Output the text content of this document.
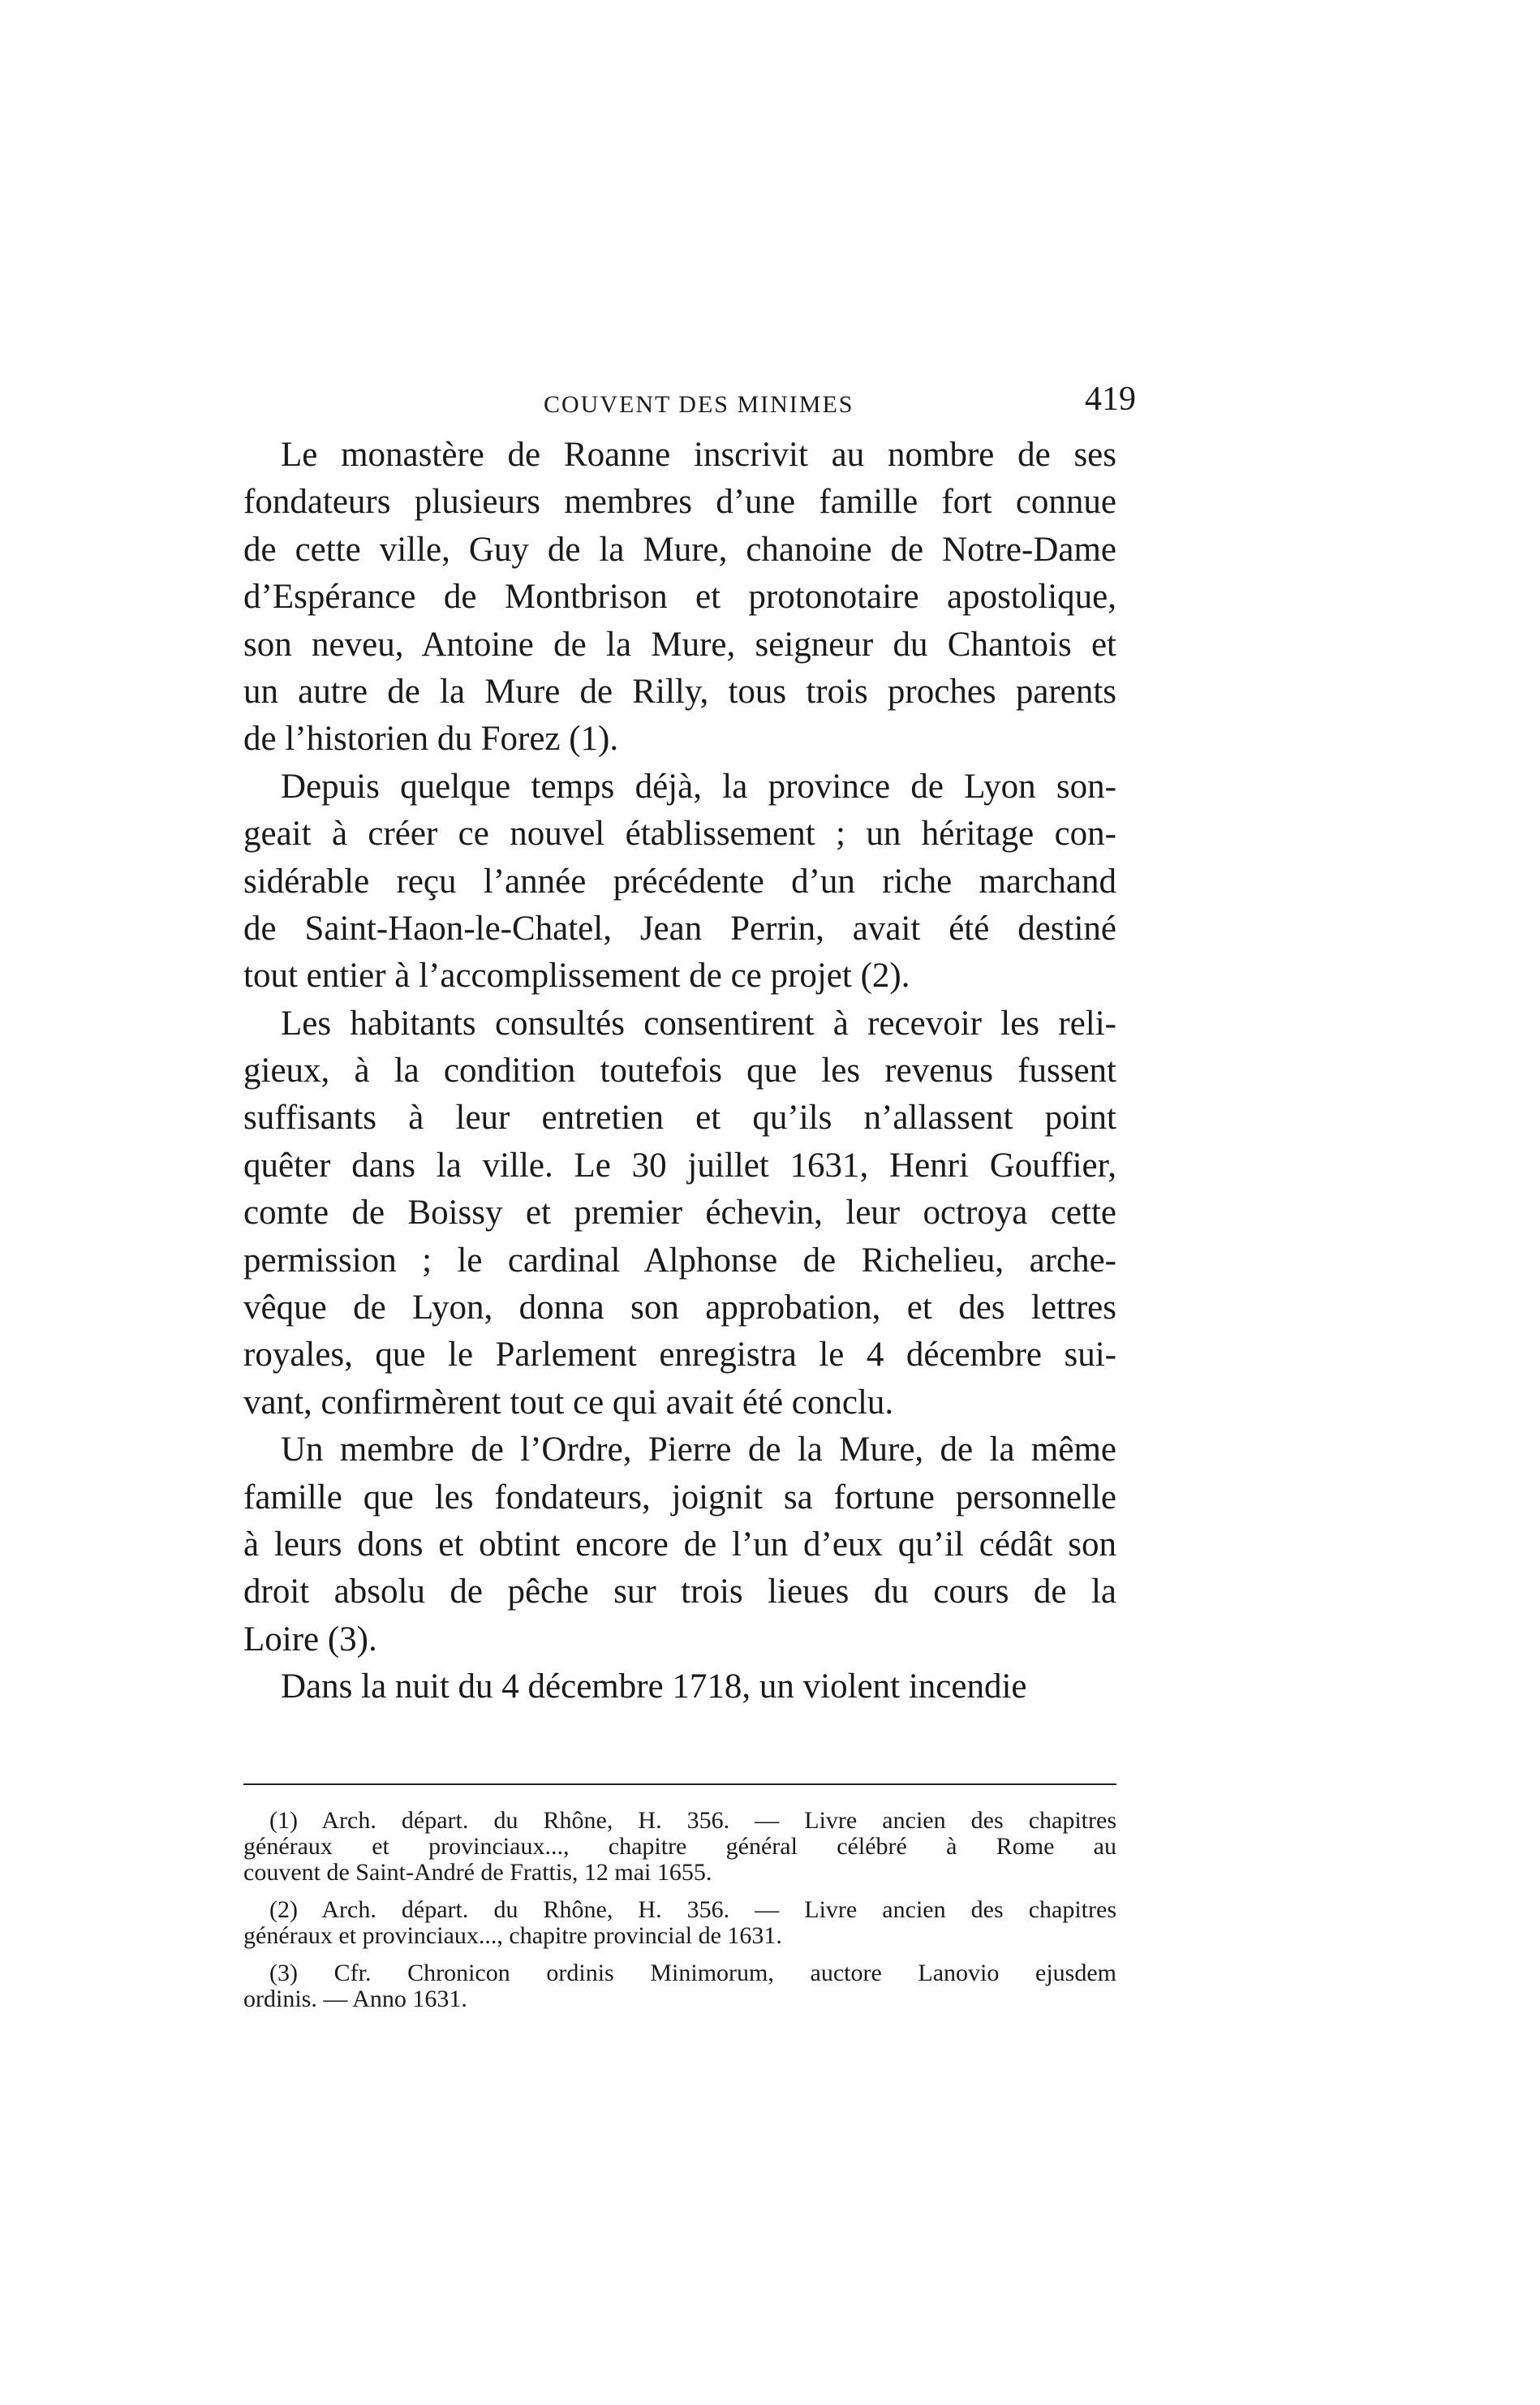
COUVENT DES MINIMES	419
Le monastère de Roanne inscrivit au nombre de ses
fondateurs plusieurs membres d’une famille fort connue
de cette ville, Guy de la Mure, chanoine de Notre-Dame
d’Espérance de Montbrison et protonotaire apostolique,
son neveu, Antoine de la Mure, seigneur du Chantois et
un autre de la Mure de Rilly, tous trois proches parents
de l’historien du Forez (1).
Depuis quelque temps déjà, la province de Lyon son-
geait à créer ce nouvel établissement ; un héritage con-
sidérable reçu l’année précédente d’un riche marchand
de Saint-Haon-le-Chatel, Jean Perrin, avait été destiné
tout entier à l’accomplissement de ce projet (2).
Les habitants consultés consentirent à recevoir les reli-
gieux, à la condition toutefois que les revenus fussent
suffisants à leur entretien et qu’ils n’allassent point
quêter dans la ville. Le 30 juillet 1631, Henri Gouffier,
comte de Boissy et premier échevin, leur octroya cette
permission ; le cardinal Alphonse de Richelieu, arche-
vêque de Lyon, donna son approbation, et des lettres
royales, que le Parlement enregistra le 4 décembre sui-
vant, confirmèrent tout ce qui avait été conclu.
Un membre de l’Ordre, Pierre de la Mure, de la même
famille que les fondateurs, joignit sa fortune personnelle
à leurs dons et obtint encore de l’un d’eux qu’il cédât son
droit absolu de pêche sur trois lieues du cours de la
Loire (3).
Dans la nuit du 4 décembre 1718, un violent incendie
(1) Arch. départ. du Rhône, H. 356. — Livre ancien des chapitres
généraux et provinciaux..., chapitre général célébré à Rome au
couvent de Saint-André de Frattis, 12 mai 1655.
(2) Arch. départ. du Rhône, H. 356. — Livre ancien des chapitres
généraux et provinciaux..., chapitre provincial de 1631.
(3) Cfr. Chronicon ordinis Minimorum, auctore Lanovio ejusdem
ordinis. — Anno 1631.
